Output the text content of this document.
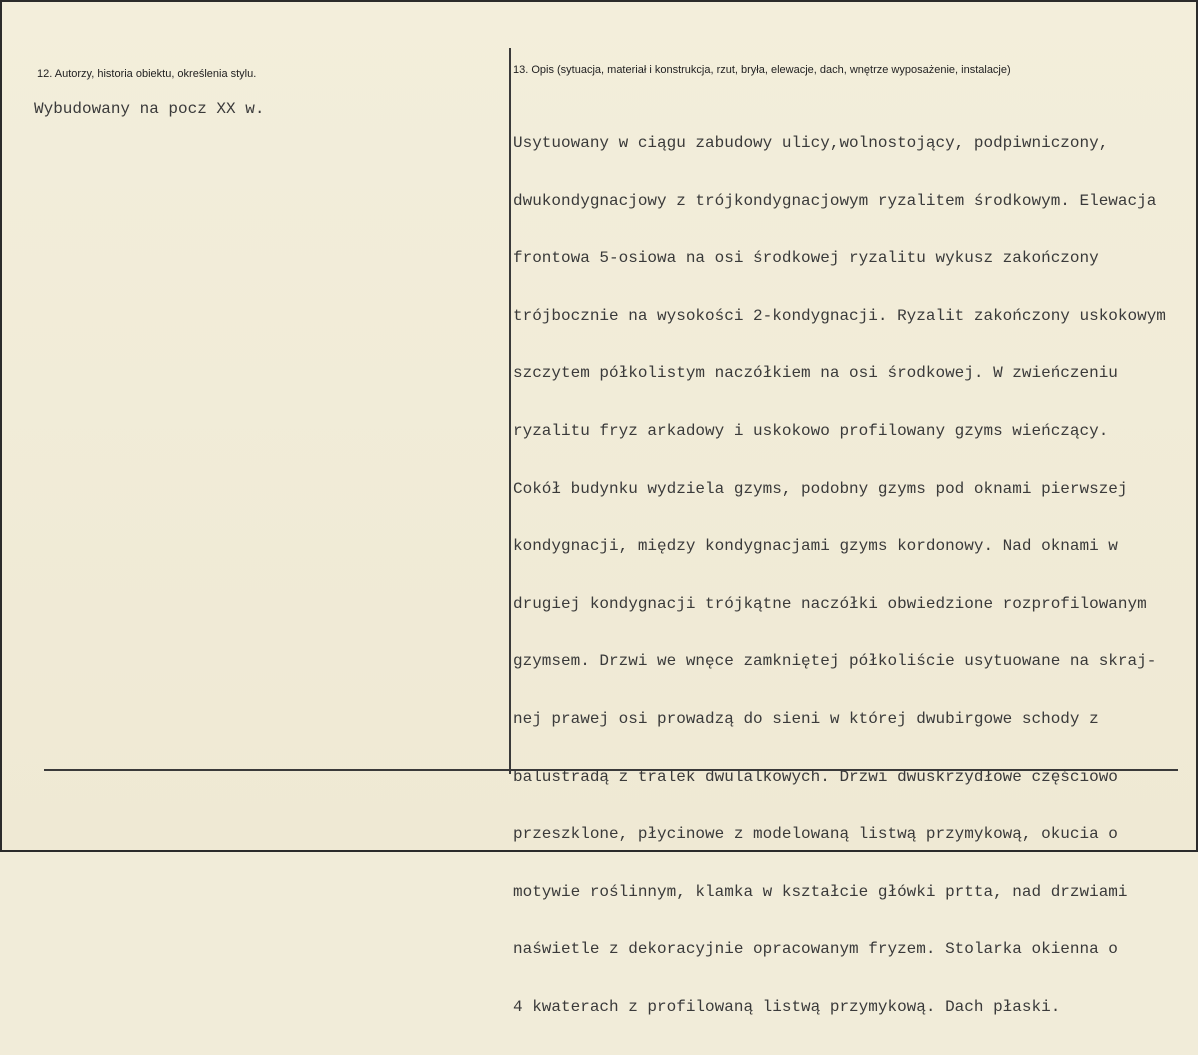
12. Autorzy, historia obiektu, określenia stylu.
Wybudowany na pocz XX w.
13. Opis (sytuacja, materiał i konstrukcja, rzut, bryła, elewacje, dach, wnętrze wyposażenie, instalacje)

Usytuowany w ciągu zabudowy ulicy,wolnostojący, podpiwniczony,

dwukondygnacjowy z trójkondygnacjowym ryzalitem środkowym. Elewacja

frontowa 5-osiowa na osi środkowej ryzalitu wykusz zakończony

trójbocznie na wysokości 2-kondygnacji. Ryzalit zakończony uskokowym

szczytem półkolistym naczółkiem na osi środkowej. W zwieńczeniu

ryzalitu fryz arkadowy i uskokowo profilowany gzyms wieńczący.

Cokół budynku wydziela gzyms, podobny gzyms pod oknami pierwszej

kondygnacji, między kondygnacjami gzyms kordonowy. Nad oknami w

drugiej kondygnacji trójkątne naczółki obwiedzione rozprofilowanym

gzymsem. Drzwi we wnęce zamkniętej półkoliście usytuowane na skraj-

nej prawej osi prowadzą do sieni w której dwubirgowe schody z

balustradą z tralek dwulalkowych. Drzwi dwuskrzydłowe częściowo

przeszklone, płycinowe z modelowaną listwą przymykową, okucia o

motywie roślinnym, klamka w kształcie główki prtta, nad drzwiami

naświetle z dekoracyjnie opracowanym fryzem. Stolarka okienna o

4 kwaterach z profilowaną listwą przymykową. Dach płaski.
